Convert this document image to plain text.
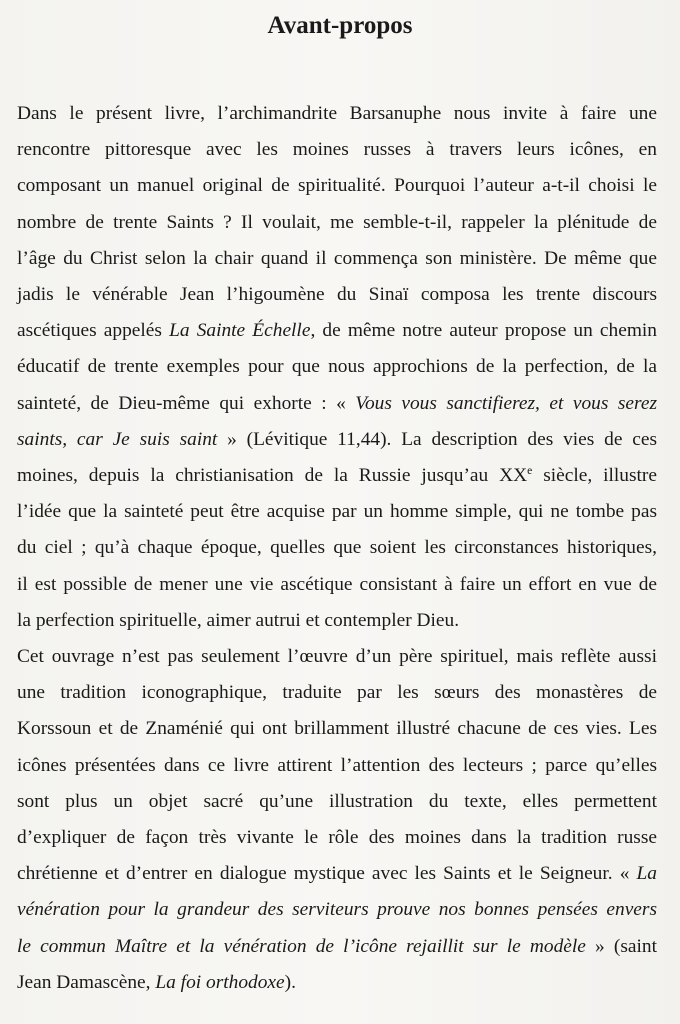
Avant-propos
Dans le présent livre, l’archimandrite Barsanuphe nous invite à faire une
rencontre pittoresque avec les moines russes à travers leurs icônes, en
composant un manuel original de spiritualité. Pourquoi l’auteur a-t-il choisi le
nombre de trente Saints ? Il voulait, me semble-t-il, rappeler la plénitude de
l’âge du Christ selon la chair quand il commença son ministère. De même que
jadis le vénérable Jean l’higoumène du Sinaï composa les trente discours
ascétiques appelés La Sainte Échelle, de même notre auteur propose un chemin
éducatif de trente exemples pour que nous approchions de la perfection, de la
sainteté, de Dieu-même qui exhorte : « Vous vous sanctifierez, et vous serez
saints, car Je suis saint » (Lévitique 11,44). La description des vies de ces
moines, depuis la christianisation de la Russie jusqu’au XXe siècle, illustre
l’idée que la sainteté peut être acquise par un homme simple, qui ne tombe pas
du ciel ; qu’à chaque époque, quelles que soient les circonstances historiques,
il est possible de mener une vie ascétique consistant à faire un effort en vue de
la perfection spirituelle, aimer autrui et contempler Dieu.
Cet ouvrage n’est pas seulement l’œuvre d’un père spirituel, mais reflète aussi
une tradition iconographique, traduite par les sœurs des monastères de
Korssoun et de Znaménié qui ont brillamment illustré chacune de ces vies. Les
icônes présentées dans ce livre attirent l’attention des lecteurs ; parce qu’elles
sont plus un objet sacré qu’une illustration du texte, elles permettent
d’expliquer de façon très vivante le rôle des moines dans la tradition russe
chrétienne et d’entrer en dialogue mystique avec les Saints et le Seigneur. « La
vénération pour la grandeur des serviteurs prouve nos bonnes pensées envers
le commun Maître et la vénération de l’icône rejaillit sur le modèle » (saint
Jean Damascène, La foi orthodoxe).
